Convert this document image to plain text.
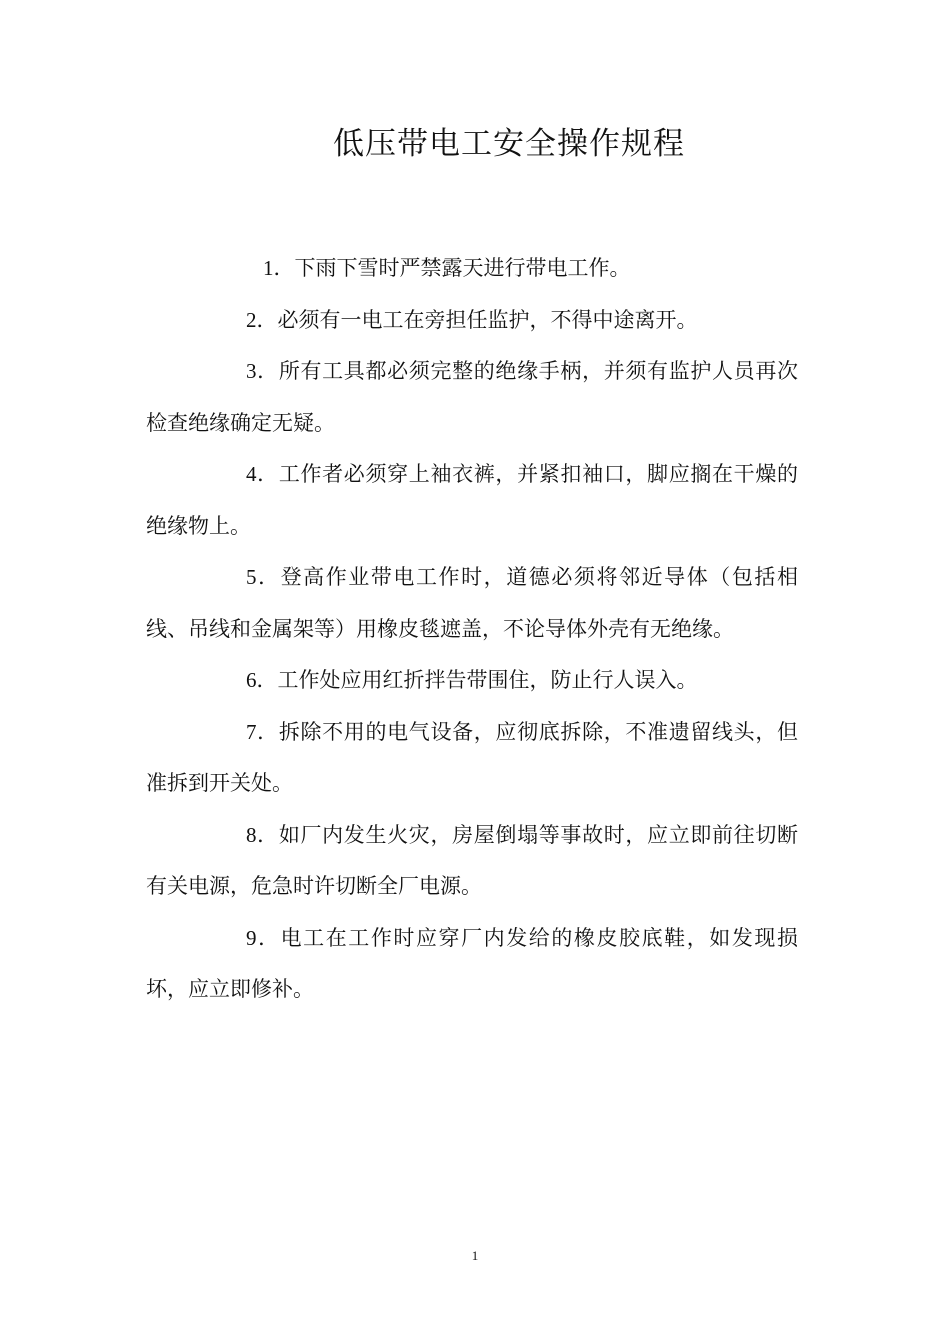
低压带电工安全操作规程

1．下雨下雪时严禁露天进行带电工作。

2．必须有一电工在旁担任监护，不得中途离开。

3．所有工具都必须完整的绝缘手柄，并须有监护人员再次检查绝缘确定无疑。

4．工作者必须穿上袖衣裤，并紧扣袖口，脚应搁在干燥的绝缘物上。

5．登高作业带电工作时，道德必须将邻近导体（包括相线、吊线和金属架等）用橡皮毯遮盖，不论导体外壳有无绝缘。

6．工作处应用红折拌告带围住，防止行人误入。

7．拆除不用的电气设备，应彻底拆除，不准遗留线头，但准拆到开关处。

8．如厂内发生火灾，房屋倒塌等事故时，应立即前往切断有关电源，危急时许切断全厂电源。

9．电工在工作时应穿厂内发给的橡皮胶底鞋，如发现损坏，应立即修补。

1
